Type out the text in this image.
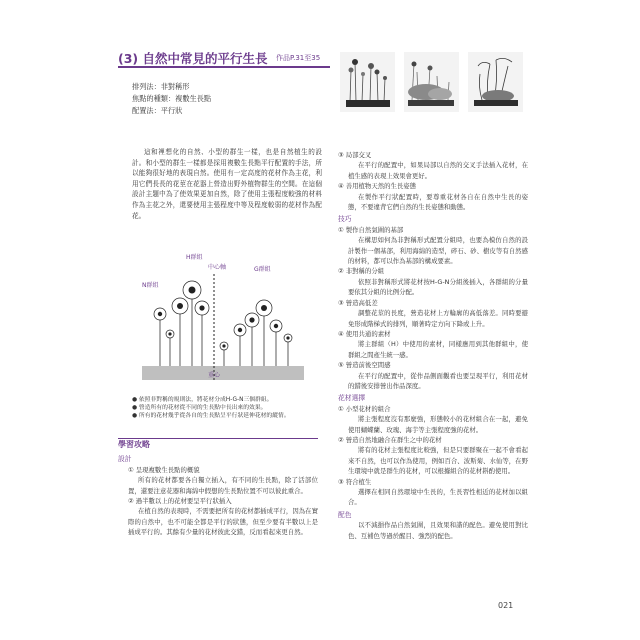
(3) 自然中常見的平行生長 作品P.31至35
排列法：非對稱形
焦點的種類：複數生長點
配置法：平行狀
這和裡想化的自然、小型的群生一樣，也是自然植生的設計。和小型的群生一樣都是採用複數生長點平行配置的手法，所以能夠很好地的表現自然。使用有一定高度的花材作為主花，利用它們長長的花莖在花器上營造出野外植物群生的空間。在這個設計主題中為了使效果更加自然，除了使用主張程度較強的材料作為主花之外，還要使用主張程度中等及程度較弱的花材作為配花。
H群組
中心軸	G群組
N群組
重心
● 依照非對稱的規則法，將花材分成H-G-N三個群組。
● 營造所有的花材從不同的生長點中長出來的效果。
● 所有的花材幾乎從各自的生長點呈平行狀延伸花材的縱情。

學習攻略

設計

① 呈現複數生長點的概貌

所有的花材都要各自獨立插入，有不同的生長點，除了活部位置，還要注意花器和海綿中假想的生長點位置不可以彼此重合。

② 過半數以上的花材要呈平行狀插入

在植自然的表現時，不需要把所有的花材都插成平行，因為在實際的自然中，也不可能全都是平行的狀態，但至少要有半數以上是插成平行的。其餘有少量的花材彼此交錯，反而看起來更自然。

③ 局部交叉

在平行的配置中，如果局部以自然的交叉手法插入花材，在植生感的表現上效果會更好。

④ 善用植物天然的生長姿態

在製作平行狀配置時，要尊重花材各自在自然中生長的姿態，不要違背它們自然的生長姿態和動態。

技巧

① 製作自然氣圍的基部

在構思如何為非對稱形式配置分組時，也要為模仿自然的設計製作一個基部，利用海綿的造型，碎石、砂、樹皮等有自然感的材料，都可以作為基部的構成要素。

② 非對稱的分組

依照非對稱形式將花材按H-G-N分組後插入，各群組的分量要依其分組的比例分配。

③ 營造高低差

調整花莖的長度，營造花材上方輪廓的高低落差。同時要避免形成階梯式的排列，順著時定方向下降或上升。

④ 使用共通的素材

將主群組（H）中使用的素材，同樣應用到其他群組中，使群組之間產生統一感。

⑤ 營造前後空間感

在平行的配置中，從作品側面觀看也要呈現平行，利用花材的錯後安排營出作品深度。

花材選擇

① 小型花材的組合

將主張程度沒有那麼強，形態較小的花材組合在一起，避免使用蝴蝶蘭、玫瑰、海芋等主張程度強的花材。

② 營造自然地融合在群生之中的花材

將有的花材主張程度比較強，但是只要群聚在一起不會看起來不自然，也可以作為使用，例如百合、波斯菊、水仙等，在野生環境中就是群生的花材，可以根據組合的花材斟酌使用。

③ 符合植生

選擇在相同自然環境中生長的，生長習性相近的花材加以組合。

配色

以不減損作品自然氣圍，且效果和諧的配色。避免使用對比色、互補色等過於醒目、強烈的配色。

021
